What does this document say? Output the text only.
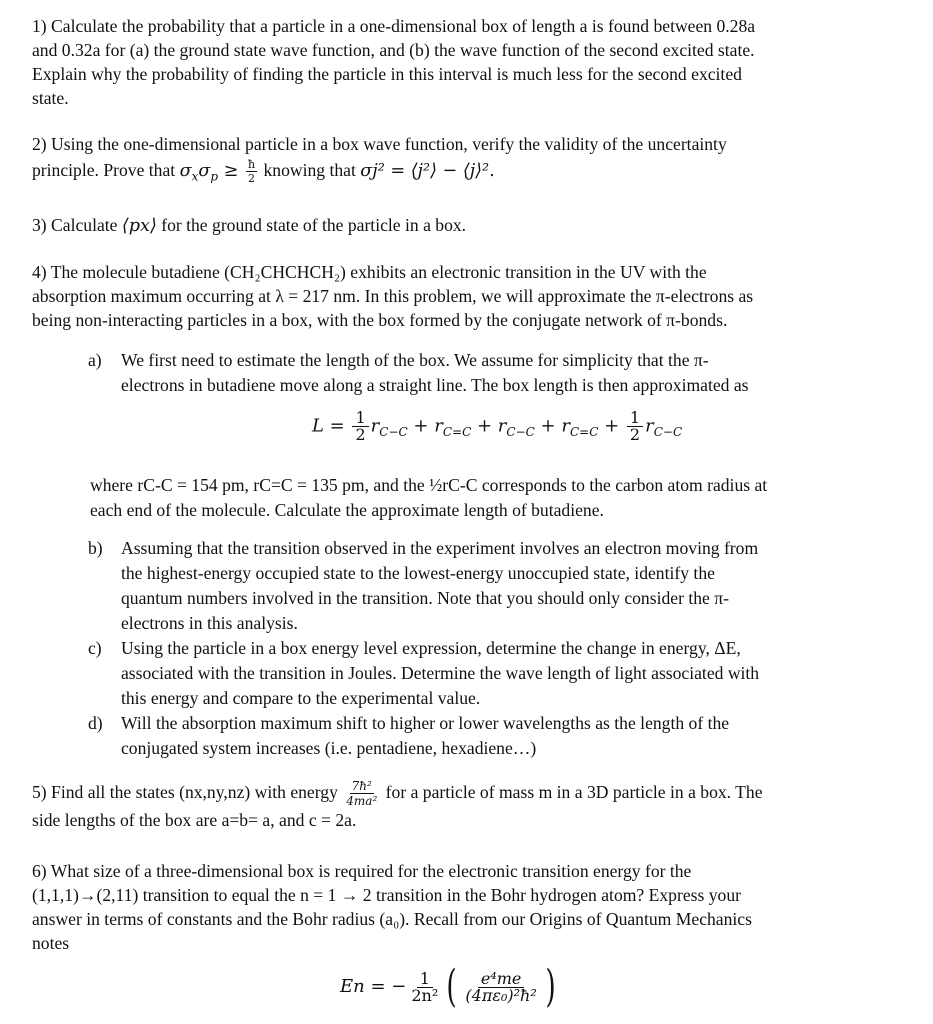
1) Calculate the probability that a particle in a one-dimensional box of length a is found between 0.28a
and 0.32a for (a) the ground state wave function, and (b) the wave function of the second excited state.
Explain why the probability of finding the particle in this interval is much less for the second excited
state.
2) Using the one-dimensional particle in a box wave function, verify the validity of the uncertainty
principle. Prove that $\sigma_x\sigma_p \ge \frac{ħ}{2}$ knowing that σj² = ⟨j²⟩ − ⟨j⟩².
3) Calculate ⟨px⟩ for the ground state of the particle in a box.
4) The molecule butadiene (CH₂CHCHCH₂) exhibits an electronic transition in the UV with the
absorption maximum occurring at λ = 217 nm. In this problem, we will approximate the π-electrons as
being non-interacting particles in a box, with the box formed by the conjugate network of π-bonds.
a) We first need to estimate the length of the box. We assume for simplicity that the π-
electrons in butadiene move along a straight line. The box length is then approximated as
$L = \frac{1}{2} r_{C-C} + r_{C=C} + r_{C-C} + r_{C=C} + \frac{1}{2} r_{C-C}$
where rC-C = 154 pm, rC=C = 135 pm, and the ½rC-C corresponds to the carbon atom radius at
each end of the molecule. Calculate the approximate length of butadiene.
b) Assuming that the transition observed in the experiment involves an electron moving from
the highest-energy occupied state to the lowest-energy unoccupied state, identify the
quantum numbers involved in the transition. Note that you should only consider the π-
electrons in this analysis.
c) Using the particle in a box energy level expression, determine the change in energy, ΔE,
associated with the transition in Joules. Determine the wave length of light associated with
this energy and compare to the experimental value.
d) Will the absorption maximum shift to higher or lower wavelengths as the length of the
conjugated system increases (i.e. pentadiene, hexadiene…)
5) Find all the states (nx,ny,nz) with energy $\frac{\text{7ħ²}}{\text{4ma²}}$ for a particle of mass m in a 3D particle in a box. The
side lengths of the box are a=b= a, and c = 2a.
6) What size of a three-dimensional box is required for the electronic transition energy for the
(1,1,1)→(2,11) transition to equal the n = 1 → 2 transition in the Bohr hydrogen atom? Express your
answer in terms of constants and the Bohr radius (a₀). Recall from our Origins of Quantum Mechanics
notes
En = − $\frac{1}{\text{2n²}}$ ( $\frac{\text{e⁴me}}{\text{(4πε₀)²ħ²}}$ )
